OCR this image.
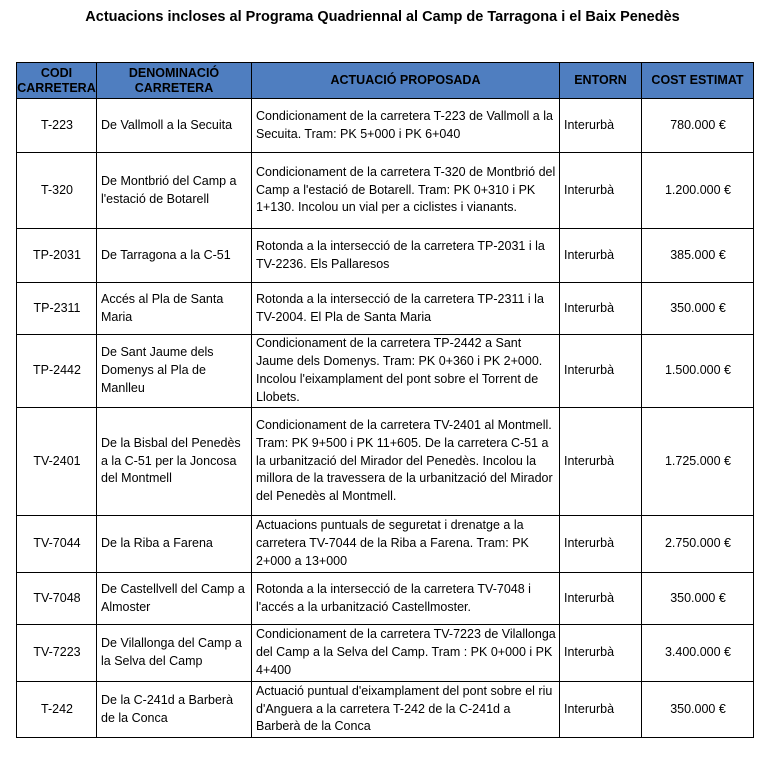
Actuacions incloses al Programa Quadriennal al Camp de Tarragona i el Baix Penedès
CODI CARRETERA	DENOMINACIÓ CARRETERA	ACTUACIÓ PROPOSADA	ENTORN	COST ESTIMAT
T-223	De Vallmoll a la Secuita	Condicionament de la carretera T-223 de Vallmoll a la Secuita. Tram: PK 5+000 i PK 6+040	Interurbà	780.000 €
T-320	De Montbrió del Camp a l'estació de Botarell	Condicionament de la carretera T-320 de Montbrió del Camp a l'estació de Botarell. Tram: PK 0+310 i PK 1+130. Incolou un vial per a ciclistes i vianants.	Interurbà	1.200.000 €
TP-2031	De Tarragona a la C-51	Rotonda a la intersecció de la carretera TP-2031 i la TV-2236. Els Pallaresos	Interurbà	385.000 €
TP-2311	Accés al Pla de Santa Maria	Rotonda a la intersecció de la carretera TP-2311 i la TV-2004. El Pla de Santa Maria	Interurbà	350.000 €
TP-2442	De Sant Jaume dels Domenys al Pla de Manlleu	Condicionament de la carretera TP-2442 a Sant Jaume dels Domenys. Tram: PK 0+360 i PK 2+000. Incolou l'eixamplament del pont sobre el Torrent de Llobets.	Interurbà	1.500.000 €
TV-2401	De la Bisbal del Penedès a la C-51 per la Joncosa del Montmell	Condicionament de la carretera TV-2401 al Montmell. Tram: PK 9+500 i PK 11+605. De la carretera C-51 a la urbanització del Mirador del Penedès. Incolou la millora de la travessera de la urbanització del Mirador del Penedès al Montmell.	Interurbà	1.725.000 €
TV-7044	De la Riba a Farena	Actuacions puntuals de seguretat i drenatge a la carretera TV-7044 de la Riba a Farena. Tram: PK 2+000 a 13+000	Interurbà	2.750.000 €
TV-7048	De Castellvell del Camp a Almoster	Rotonda a la intersecció de la carretera TV-7048 i l'accés a la urbanització Castellmoster.	Interurbà	350.000 €
TV-7223	De Vilallonga del Camp a la Selva del Camp	Condicionament de la carretera TV-7223 de Vilallonga del Camp a la Selva del Camp. Tram : PK 0+000 i PK 4+400	Interurbà	3.400.000 €
T-242	De la C-241d a Barberà de la Conca	Actuació puntual d'eixamplament del pont sobre el riu d'Anguera a la carretera T-242 de la C-241d a Barberà de la Conca	Interurbà	350.000 €
